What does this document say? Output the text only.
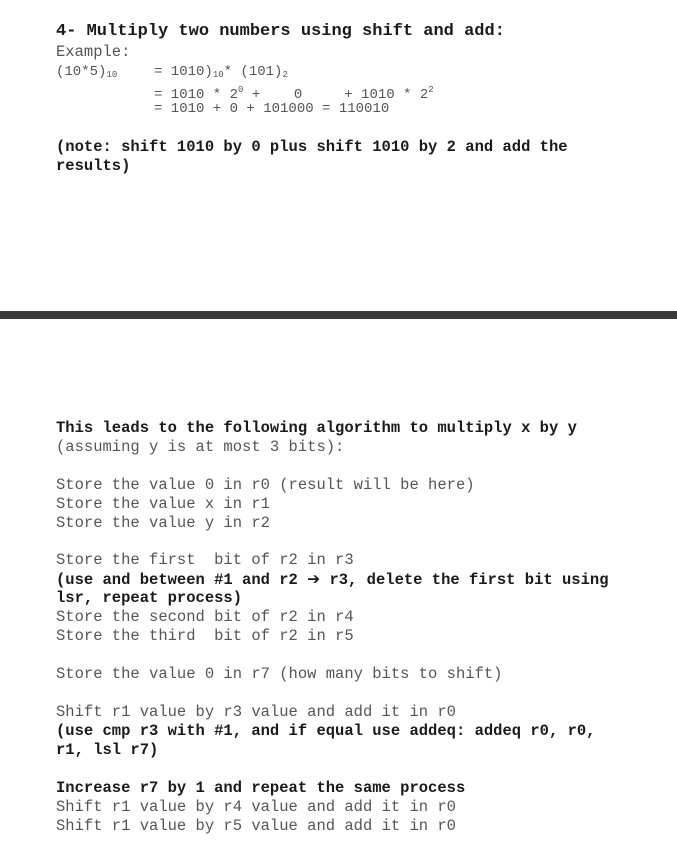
4- Multiply two numbers using shift and add:
Example:
$(10*5)_{10}$	= $1010)_{10}*$ $(101)_2$
= $1010 * 2^0$ +    0     + $1010 * 2^2$
= 1010 + 0 + 101000 = 110010
(note: shift 1010 by 0 plus shift 1010 by 2 and add the
results)
This leads to the following algorithm to multiply x by y
(assuming y is at most 3 bits):
Store the value 0 in r0 (result will be here)
Store the value x in r1
Store the value y in r2
Store the first  bit of r2 in r3
(use and between #1 and r2 ➔ r3, delete the first bit using
lsr, repeat process)
Store the second bit of r2 in r4
Store the third  bit of r2 in r5
Store the value 0 in r7 (how many bits to shift)
Shift r1 value by r3 value and add it in r0
(use cmp r3 with #1, and if equal use addeq: addeq r0, r0,
r1, lsl r7)
Increase r7 by 1 and repeat the same process
Shift r1 value by r4 value and add it in r0
Shift r1 value by r5 value and add it in r0
